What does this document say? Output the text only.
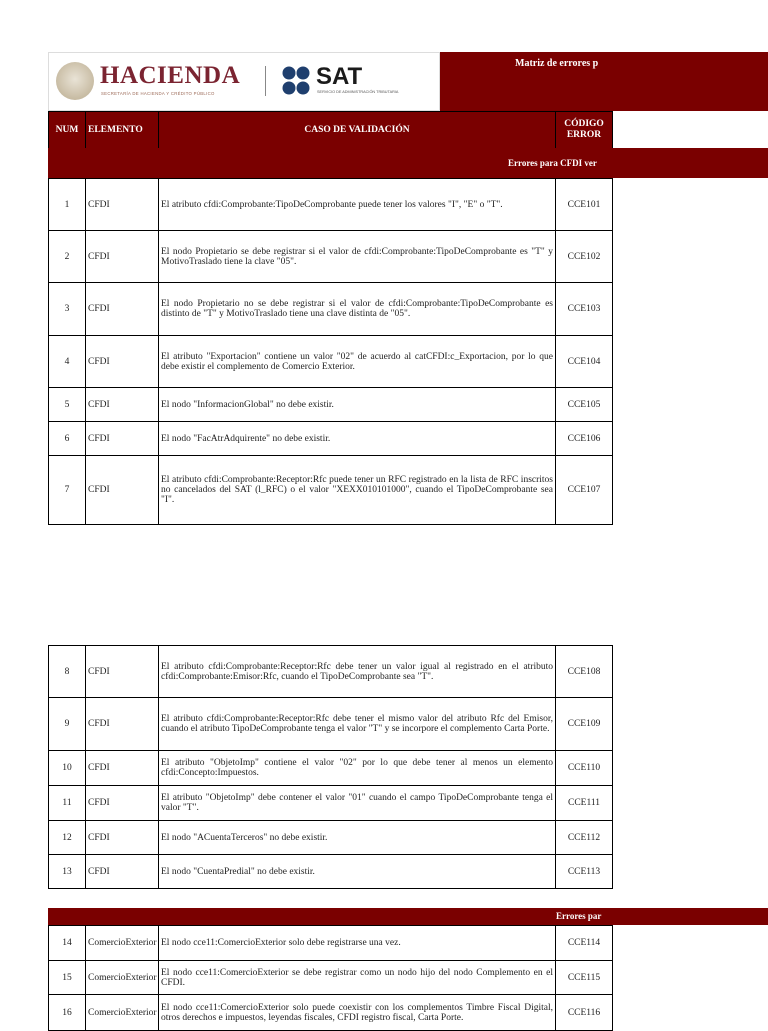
Matriz de errores p
HACIENDA
SECRETARÍA DE HACIENDA Y CRÉDITO PÚBLICO
SAT
SERVICIO DE ADMINISTRACIÓN TRIBUTARIA
NUM	ELEMENTO	CASO DE VALIDACIÓN	CÓDIGO ERROR
Errores para CFDI ver
1	CFDI	El atributo cfdi:Comprobante:TipoDeComprobante puede tener los valores "I", "E" o "T".	CCE101
2	CFDI	El nodo Propietario se debe registrar si el valor de cfdi:Comprobante:TipoDeComprobante es "T" y MotivoTraslado tiene la clave "05".	CCE102
3	CFDI	El nodo Propietario no se debe registrar si el valor de cfdi:Comprobante:TipoDeComprobante es distinto de "T" y MotivoTraslado tiene una clave distinta de "05".	CCE103
4	CFDI	El atributo "Exportacion" contiene un valor "02" de acuerdo al catCFDI:c_Exportacion, por lo que debe existir el complemento de Comercio Exterior.	CCE104
5	CFDI	El nodo "InformacionGlobal" no debe existir.	CCE105
6	CFDI	El nodo "FacAtrAdquirente" no debe existir.	CCE106
7	CFDI	El atributo cfdi:Comprobante:Receptor:Rfc puede tener un RFC registrado en la lista de RFC inscritos no cancelados del SAT (l_RFC) o el valor "XEXX010101000", cuando el TipoDeComprobante sea "I".	CCE107
8	CFDI	El atributo cfdi:Comprobante:Receptor:Rfc debe tener un valor igual al registrado en el atributo cfdi:Comprobante:Emisor:Rfc, cuando el TipoDeComprobante sea "T".	CCE108
9	CFDI	El atributo cfdi:Comprobante:Receptor:Rfc debe tener el mismo valor del atributo Rfc del Emisor, cuando el atributo TipoDeComprobante tenga el valor "T" y se incorpore el complemento Carta Porte.	CCE109
10	CFDI	El atributo "ObjetoImp" contiene el valor "02" por lo que debe tener al menos un elemento cfdi:Concepto:Impuestos.	CCE110
11	CFDI	El atributo "ObjetoImp" debe contener el valor "01" cuando el campo TipoDeComprobante tenga el valor "T".	CCE111
12	CFDI	El nodo "ACuentaTerceros" no debe existir.	CCE112
13	CFDI	El nodo "CuentaPredial" no debe existir.	CCE113
Errores par
14	ComercioExterior	El nodo cce11:ComercioExterior solo debe registrarse una vez.	CCE114
15	ComercioExterior	El nodo cce11:ComercioExterior se debe registrar como un nodo hijo del nodo Complemento en el CFDI.	CCE115
16	ComercioExterior	El nodo cce11:ComercioExterior solo puede coexistir con los complementos Timbre Fiscal Digital, otros derechos e impuestos, leyendas fiscales, CFDI registro fiscal, Carta Porte.	CCE116
